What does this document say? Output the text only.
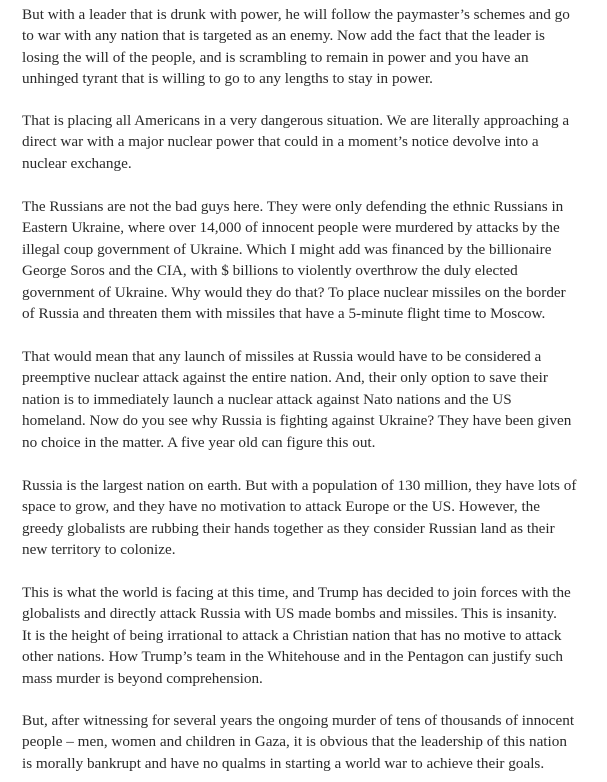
But with a leader that is drunk with power, he will follow the paymaster’s schemes and go
to war with any nation that is targeted as an enemy. Now add the fact that the leader is
losing the will of the people, and is scrambling to remain in power and you have an
unhinged tyrant that is willing to go to any lengths to stay in power.
That is placing all Americans in a very dangerous situation. We are literally approaching a
direct war with a major nuclear power that could in a moment’s notice devolve into a
nuclear exchange.
The Russians are not the bad guys here. They were only defending the ethnic Russians in
Eastern Ukraine, where over 14,000 of innocent people were murdered by attacks by the
illegal coup government of Ukraine. Which I might add was financed by the billionaire
George Soros and the CIA, with $ billions to violently overthrow the duly elected
government of Ukraine. Why would they do that? To place nuclear missiles on the border
of Russia and threaten them with missiles that have a 5-minute flight time to Moscow.
That would mean that any launch of missiles at Russia would have to be considered a
preemptive nuclear attack against the entire nation. And, their only option to save their
nation is to immediately launch a nuclear attack against Nato nations and the US
homeland. Now do you see why Russia is fighting against Ukraine? They have been given
no choice in the matter. A five year old can figure this out.
Russia is the largest nation on earth. But with a population of 130 million, they have lots of
space to grow, and they have no motivation to attack Europe or the US. However, the
greedy globalists are rubbing their hands together as they consider Russian land as their
new territory to colonize.
This is what the world is facing at this time, and Trump has decided to join forces with the
globalists and directly attack Russia with US made bombs and missiles. This is insanity.
It is the height of being irrational to attack a Christian nation that has no motive to attack
other nations. How Trump’s team in the Whitehouse and in the Pentagon can justify such
mass murder is beyond comprehension.
But, after witnessing for several years the ongoing murder of tens of thousands of innocent
people – men, women and children in Gaza, it is obvious that the leadership of this nation
is morally bankrupt and have no qualms in starting a world war to achieve their goals.
